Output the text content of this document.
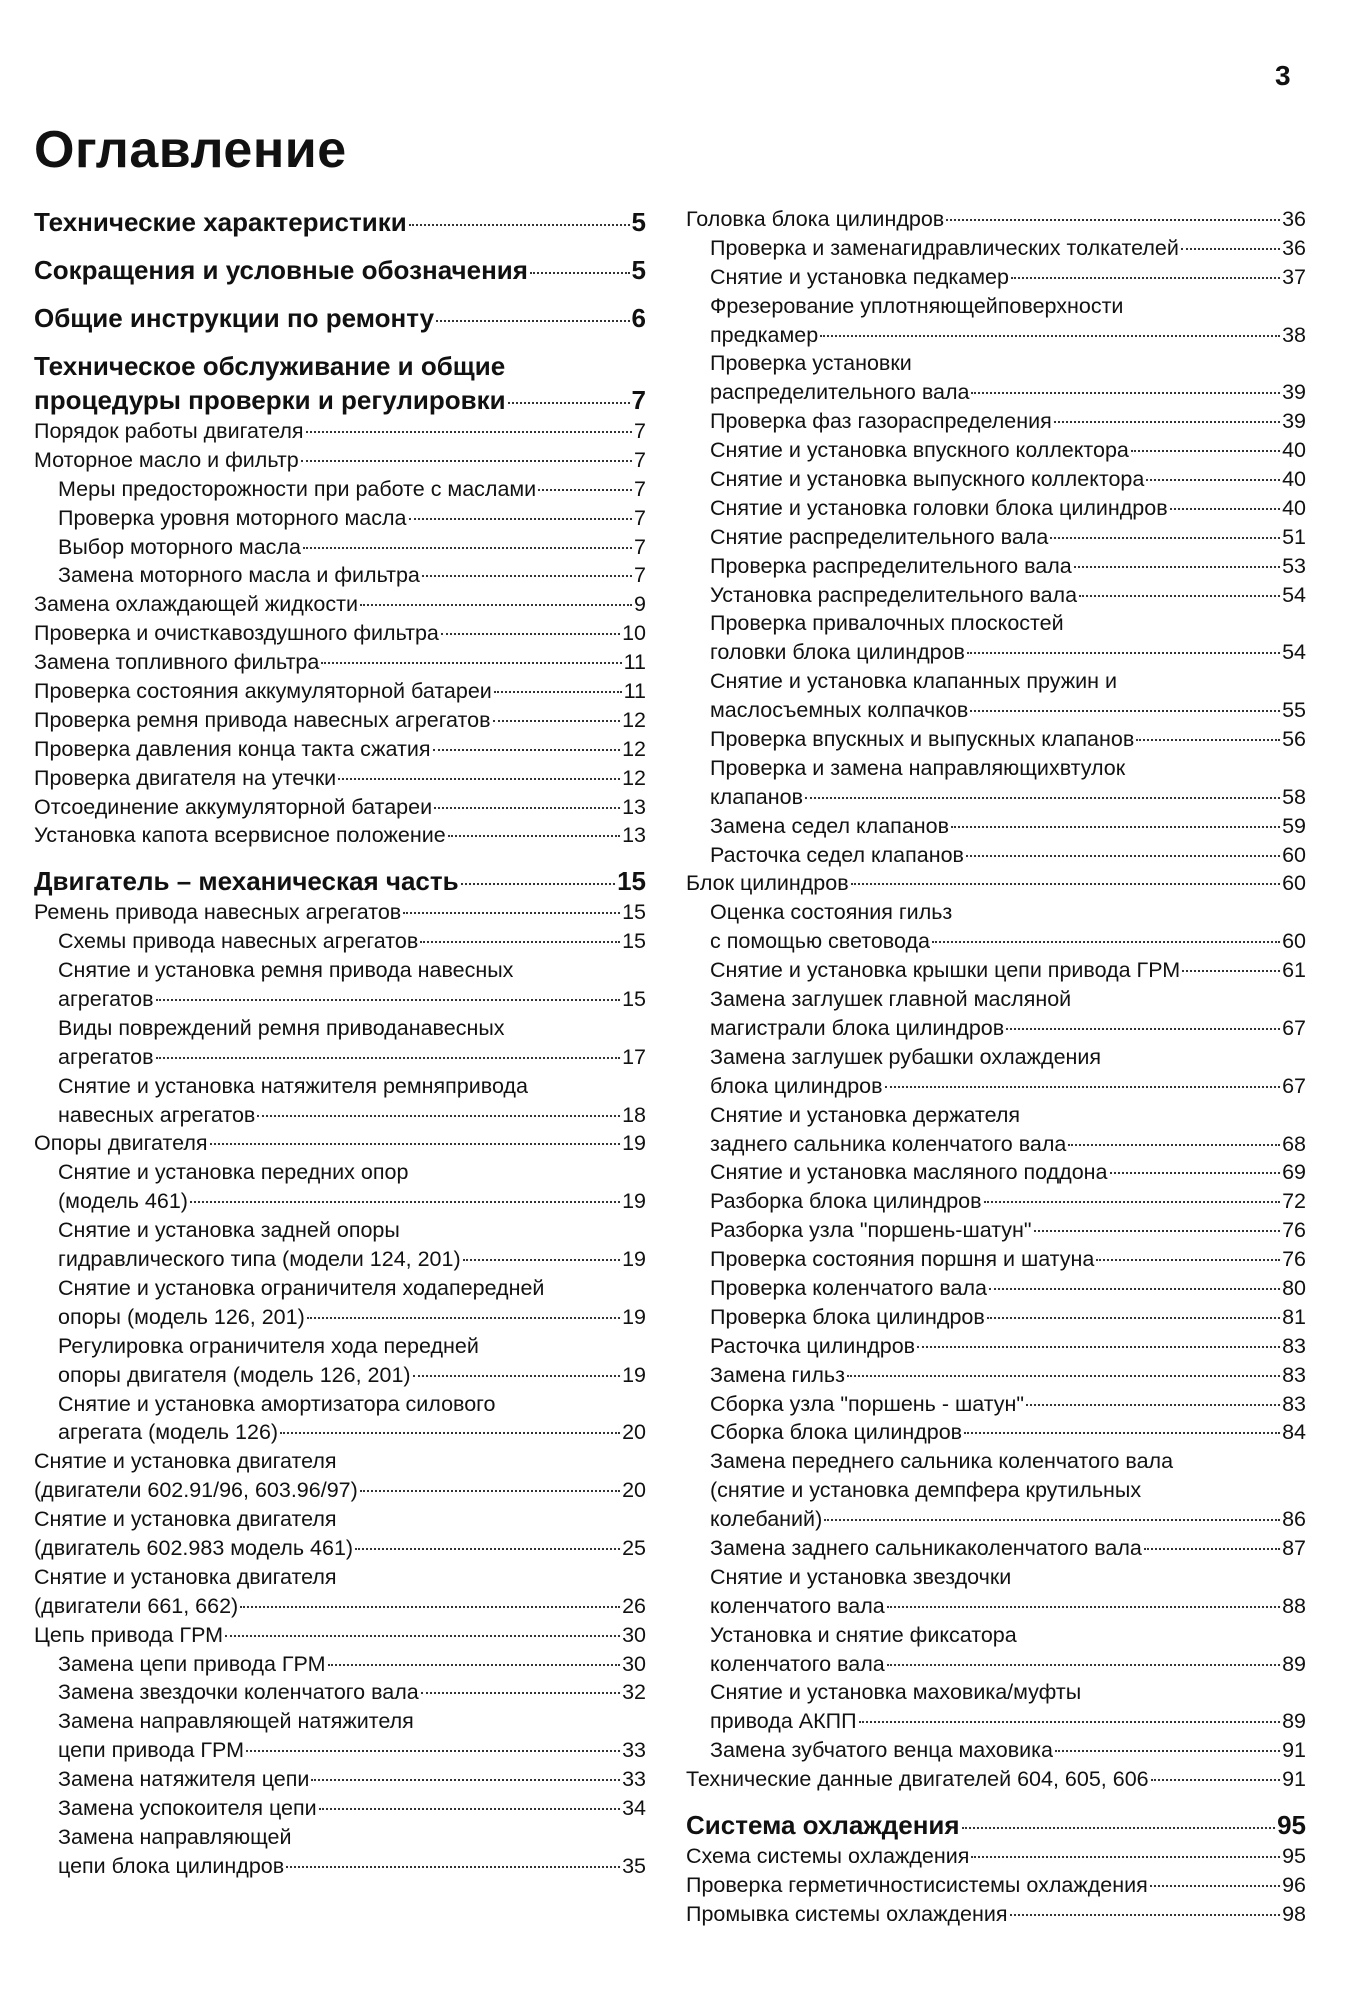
3
Оглавление
Технические характеристики	5
Сокращения и условные обозначения	5
Общие инструкции по ремонту	6
Техническое обслуживание и общие
процедуры проверки и регулировки	7
Порядок работы двигателя	7
Моторное масло и фильтр	7
Меры предосторожности при работе с маслами	7
Проверка уровня моторного масла	7
Выбор моторного масла	7
Замена моторного масла и фильтра	7
Замена охлаждающей жидкости	9
Проверка и очисткавоздушного фильтра	10
Замена топливного фильтра	11
Проверка состояния аккумуляторной батареи	11
Проверка ремня привода навесных агрегатов	12
Проверка давления конца такта сжатия	12
Проверка двигателя на утечки	12
Отсоединение аккумуляторной батареи	13
Установка капота всервисное положение	13
Двигатель – механическая часть	15
Ремень привода навесных агрегатов	15
Схемы привода навесных агрегатов	15
Снятие и установка ремня привода навесных
агрегатов	15
Виды повреждений ремня приводанавесных
агрегатов	17
Снятие и установка натяжителя ремняпривода
навесных агрегатов	18
Опоры двигателя	19
Снятие и установка передних опор
(модель 461)	19
Снятие и установка задней опоры
гидравлического типа (модели 124, 201)	19
Снятие и установка ограничителя ходапередней
опоры (модель 126, 201)	19
Регулировка ограничителя хода передней
опоры двигателя (модель 126, 201)	19
Снятие и установка амортизатора силового
агрегата (модель 126)	20
Снятие и установка двигателя
(двигатели 602.91/96, 603.96/97)	20
Снятие и установка двигателя
(двигатель 602.983 модель 461)	25
Снятие и установка двигателя
(двигатели 661, 662)	26
Цепь привода ГРМ	30
Замена цепи привода ГРМ	30
Замена звездочки коленчатого вала	32
Замена направляющей натяжителя
цепи привода ГРМ	33
Замена натяжителя цепи	33
Замена успокоителя цепи	34
Замена направляющей
цепи блока цилиндров	35
Головка блока цилиндров	36
Проверка и заменагидравлических толкателей	36
Снятие и установка педкамер	37
Фрезерование уплотняющейповерхности
предкамер	38
Проверка установки
распределительного вала	39
Проверка фаз газораспределения	39
Снятие и установка впускного коллектора	40
Снятие и установка выпускного коллектора	40
Снятие и установка головки блока цилиндров	40
Снятие распределительного вала	51
Проверка распределительного вала	53
Установка распределительного вала	54
Проверка привалочных плоскостей
головки блока цилиндров	54
Снятие и установка клапанных пружин и
маслосъемных колпачков	55
Проверка впускных и выпускных клапанов	56
Проверка и замена направляющихвтулок
клапанов	58
Замена седел клапанов	59
Расточка седел клапанов	60
Блок цилиндров	60
Оценка состояния гильз
с помощью световода	60
Снятие и установка крышки цепи привода ГРМ	61
Замена заглушек главной масляной
магистрали блока цилиндров	67
Замена заглушек рубашки охлаждения
блока цилиндров	67
Снятие и установка держателя
заднего сальника коленчатого вала	68
Снятие и установка масляного поддона	69
Разборка блока цилиндров	72
Разборка узла "поршень-шатун"	76
Проверка состояния поршня и шатуна	76
Проверка коленчатого вала	80
Проверка блока цилиндров	81
Расточка цилиндров	83
Замена гильз	83
Сборка узла "поршень - шатун"	83
Сборка блока цилиндров	84
Замена переднего сальника коленчатого вала
(снятие и установка демпфера крутильных
колебаний)	86
Замена заднего сальникаколенчатого вала	87
Снятие и установка звездочки
коленчатого вала	88
Установка и снятие фиксатора
коленчатого вала	89
Снятие и установка маховика/муфты
привода АКПП	89
Замена зубчатого венца маховика	91
Технические данные двигателей 604, 605, 606	91
Система охлаждения	95
Схема системы охлаждения	95
Проверка герметичностисистемы охлаждения	96
Промывка системы охлаждения	98
